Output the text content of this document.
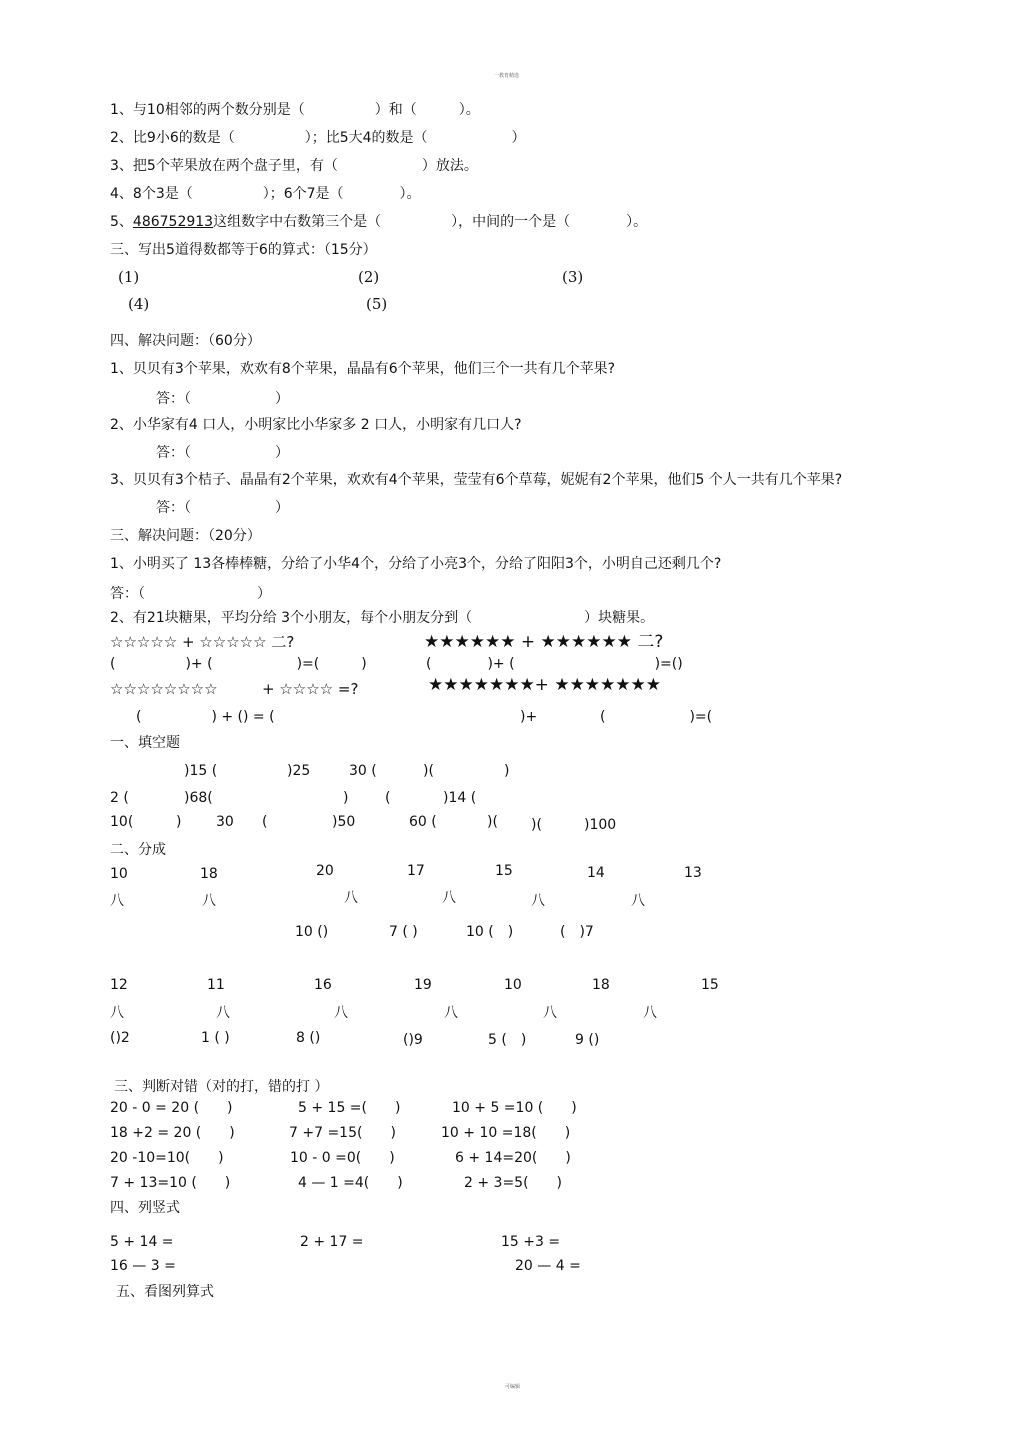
一教育精选
1、与10相邻的两个数分别是（　　　　　）和（　　　）。
2、比9小6的数是（　　　　　）；比5大4的数是（　　　　　　）
3、把5个苹果放在两个盘子里，有（　　　　　　）放法。
4、8个3是（　　　　　）；6个7是（　　　　）。
5、486752913这组数字中右数第三个是（　　　　　），中间的一个是（　　　　）。
三、写出5道得数都等于6的算式：（15分）
(1)	(2)	(3)
(4)	(5)
四、解决问题：（60分）
1、贝贝有3个苹果，欢欢有8个苹果，晶晶有6个苹果，他们三个一共有几个苹果?
答：（　　　　　　）
2、小华家有4 口人，小明家比小华家多 2 口人，小明家有几口人?
答：（　　　　　　）
3、贝贝有3个桔子、晶晶有2个苹果，欢欢有4个苹果，莹莹有6个草莓，妮妮有2个苹果，他们5 个人一共有几个苹果?
答：（　　　　　　）
三、解决问题：（20分）
1、小明买了 13各棒棒糖，分给了小华4个，分给了小亮3个，分给了阳阳3个，小明自己还剩几个?
答：（　　　　　　　　）
2、有21块糖果，平均分给 3个小朋友，每个小朋友分到（　　　　　　　　）块糖果。
☆☆☆☆☆ + ☆☆☆☆☆ 二?	★★★★★★ + ★★★★★★ 二?
(　　　　　)+ (　　　　　　)=(　　　)	(　　　　)+ (　　　　　　　　　　)=()
☆☆☆☆☆☆☆☆	+ ☆☆☆☆ =?	★★★★★★★+ ★★★★★★★
(　　　　　) + () = (	)+	(　　　　　　)=(
一、填空题
)15 (	)25	30 (	)(	)
2 (	)68(	)	(	)14 (
10(	) 30 (	)50	60 (	)( )(	)100
二、分成
10	18	20	17	15	14	13
八	八	八	八	八	八
10 ()	7 ( )	10 (　)	(　)7
12	11	16	19	10	18	15
八	八	八	八	八	八
()2	1 ( )	8 ()	()9	5 (　)	9 ()
三、判断对错（对的打，错的打 ）
20 - 0 = 20 (　　)	5 + 15 =(　　)	10 + 5 =10 (　　)
18 +2 = 20 (　　)	7 +7 =15(　　)	10 + 10 =18(　　)
20 -10=10(　　)	10 - 0 =0(　　)	6 + 14=20(　　)
7 + 13=10 (　　)	4 — 1 =4(　　)	2 + 3=5(　　)
四、列竖式
5 + 14 =	2 + 17 =	15 +3 =
16 — 3 =	20 — 4 =
五、看图列算式
可编辑
